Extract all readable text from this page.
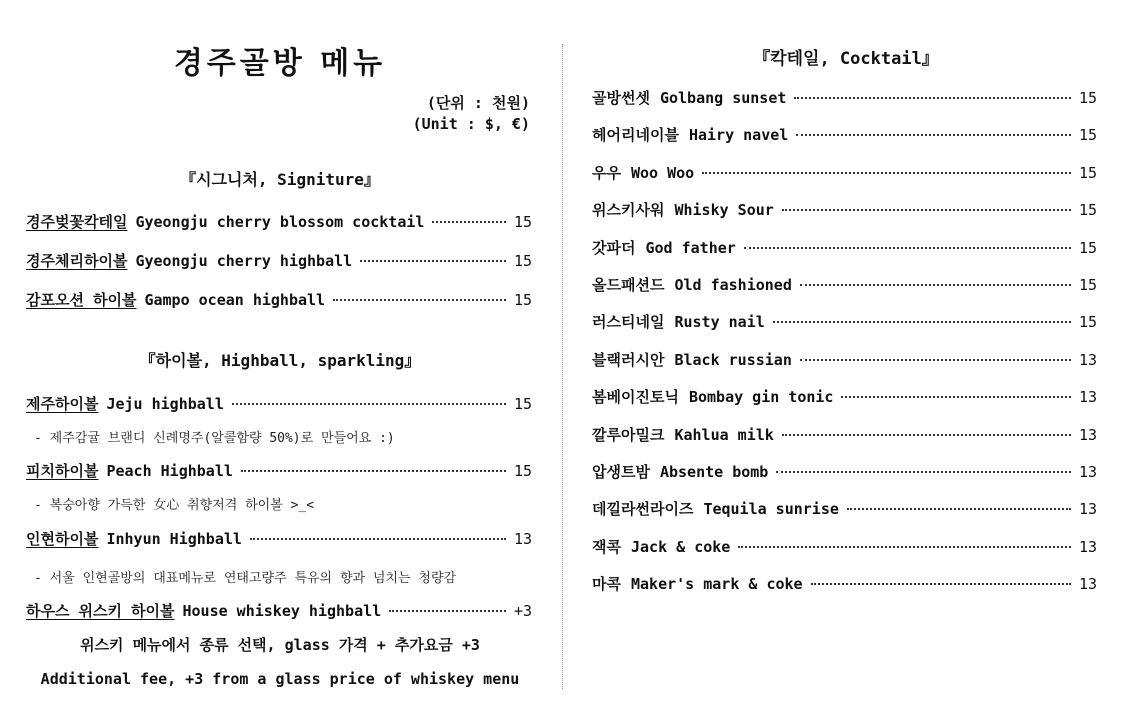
경주골방 메뉴
(단위 : 천원)
(Unit : $, €)
『시그니처, Signiture』
경주벚꽃칵테일 Gyeongju cherry blossom cocktail	15
경주체리하이볼 Gyeongju cherry highball	15
감포오션 하이볼 Gampo ocean highball	15
『하이볼, Highball, sparkling』
제주하이볼 Jeju highball	15
- 제주감귤 브랜디 신례명주(알콜함량 50%)로 만들어요 :)
피치하이볼 Peach Highball	15
- 복숭아향 가득한 女心 취향저격 하이볼 >_<
인현하이볼 Inhyun Highball	13
- 서울 인현골방의 대표메뉴로 연태고량주 특유의 향과 넘치는 청량감
하우스 위스키 하이볼 House whiskey highball	+3
위스키 메뉴에서 종류 선택, glass 가격 + 추가요금 +3
Additional fee, +3 from a glass price of whiskey menu
『칵테일, Cocktail』
골방썬셋 Golbang sunset	15
헤어리네이블 Hairy navel	15
우우 Woo Woo	15
위스키사워 Whisky Sour	15
갓파더 God father	15
올드패션드 Old fashioned	15
러스티네일 Rusty nail	15
블랙러시안 Black russian	13
봄베이진토닉 Bombay gin tonic	13
깔루아밀크 Kahlua milk	13
압생트밤 Absente bomb	13
데낄라썬라이즈 Tequila sunrise	13
잭콕 Jack & coke	13
마콕 Maker's mark & coke	13
